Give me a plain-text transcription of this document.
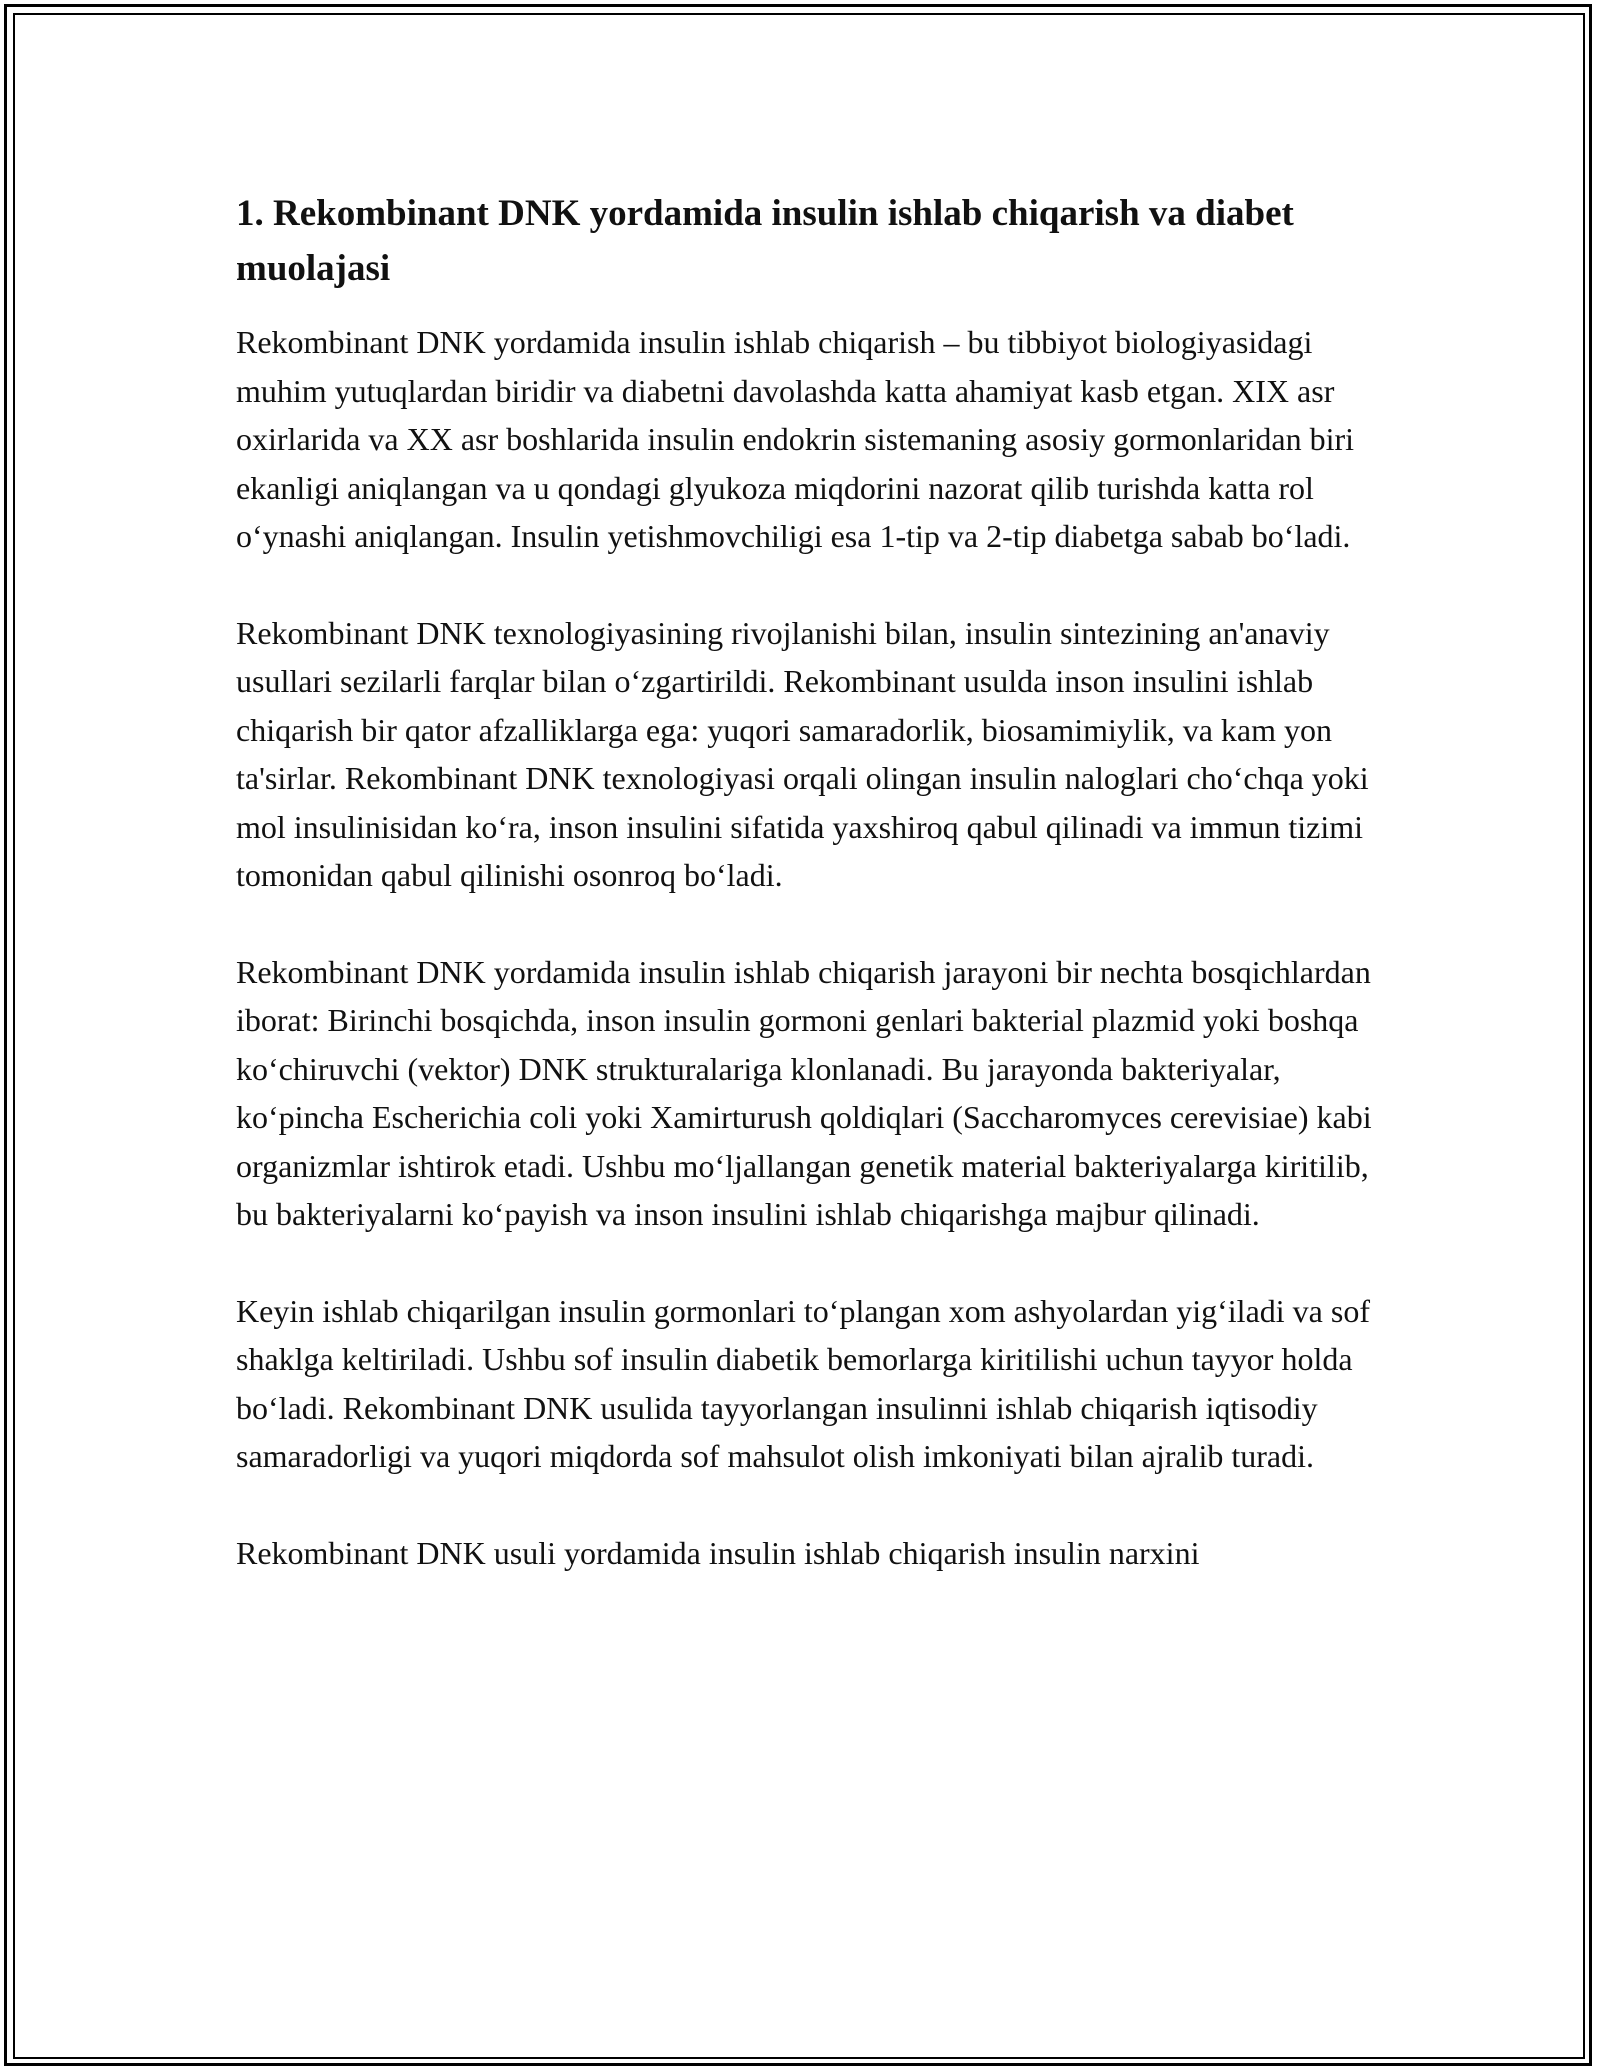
1. Rekombinant DNK yordamida insulin ishlab chiqarish va diabet muolajasi

Rekombinant DNK yordamida insulin ishlab chiqarish – bu tibbiyot biologiyasidagi muhim yutuqlardan biridir va diabetni davolashda katta ahamiyat kasb etgan. XIX asr oxirlarida va XX asr boshlarida insulin endokrin sistemaning asosiy gormonlaridan biri ekanligi aniqlangan va u qondagi glyukoza miqdorini nazorat qilib turishda katta rol oʻynashi aniqlangan. Insulin yetishmovchiligi esa 1-tip va 2-tip diabetga sabab boʻladi.

Rekombinant DNK texnologiyasining rivojlanishi bilan, insulin sintezining an'anaviy usullari sezilarli farqlar bilan oʻzgartirildi. Rekombinant usulda inson insulini ishlab chiqarish bir qator afzalliklarga ega: yuqori samaradorlik, biosamimiylik, va kam yon ta'sirlar. Rekombinant DNK texnologiyasi orqali olingan insulin naloglari choʻchqa yoki mol insulinisidan koʻra, inson insulini sifatida yaxshiroq qabul qilinadi va immun tizimi tomonidan qabul qilinishi osonroq boʻladi.

Rekombinant DNK yordamida insulin ishlab chiqarish jarayoni bir nechta bosqichlardan iborat: Birinchi bosqichda, inson insulin gormoni genlari bakterial plazmid yoki boshqa koʻchiruvchi (vektor) DNK strukturalariga klonlanadi. Bu jarayonda bakteriyalar, koʻpincha Escherichia coli yoki Xamirturush qoldiqlari (Saccharomyces cerevisiae) kabi organizmlar ishtirok etadi. Ushbu moʻljallangan genetik material bakteriyalarga kiritilib, bu bakteriyalarni koʻpayish va inson insulini ishlab chiqarishga majbur qilinadi.

Keyin ishlab chiqarilgan insulin gormonlari toʻplangan xom ashyolardan yigʻiladi va sof shaklga keltiriladi. Ushbu sof insulin diabetik bemorlarga kiritilishi uchun tayyor holda boʻladi. Rekombinant DNK usulida tayyorlangan insulinni ishlab chiqarish iqtisodiy samaradorligi va yuqori miqdorda sof mahsulot olish imkoniyati bilan ajralib turadi.

Rekombinant DNK usuli yordamida insulin ishlab chiqarish insulin narxini
